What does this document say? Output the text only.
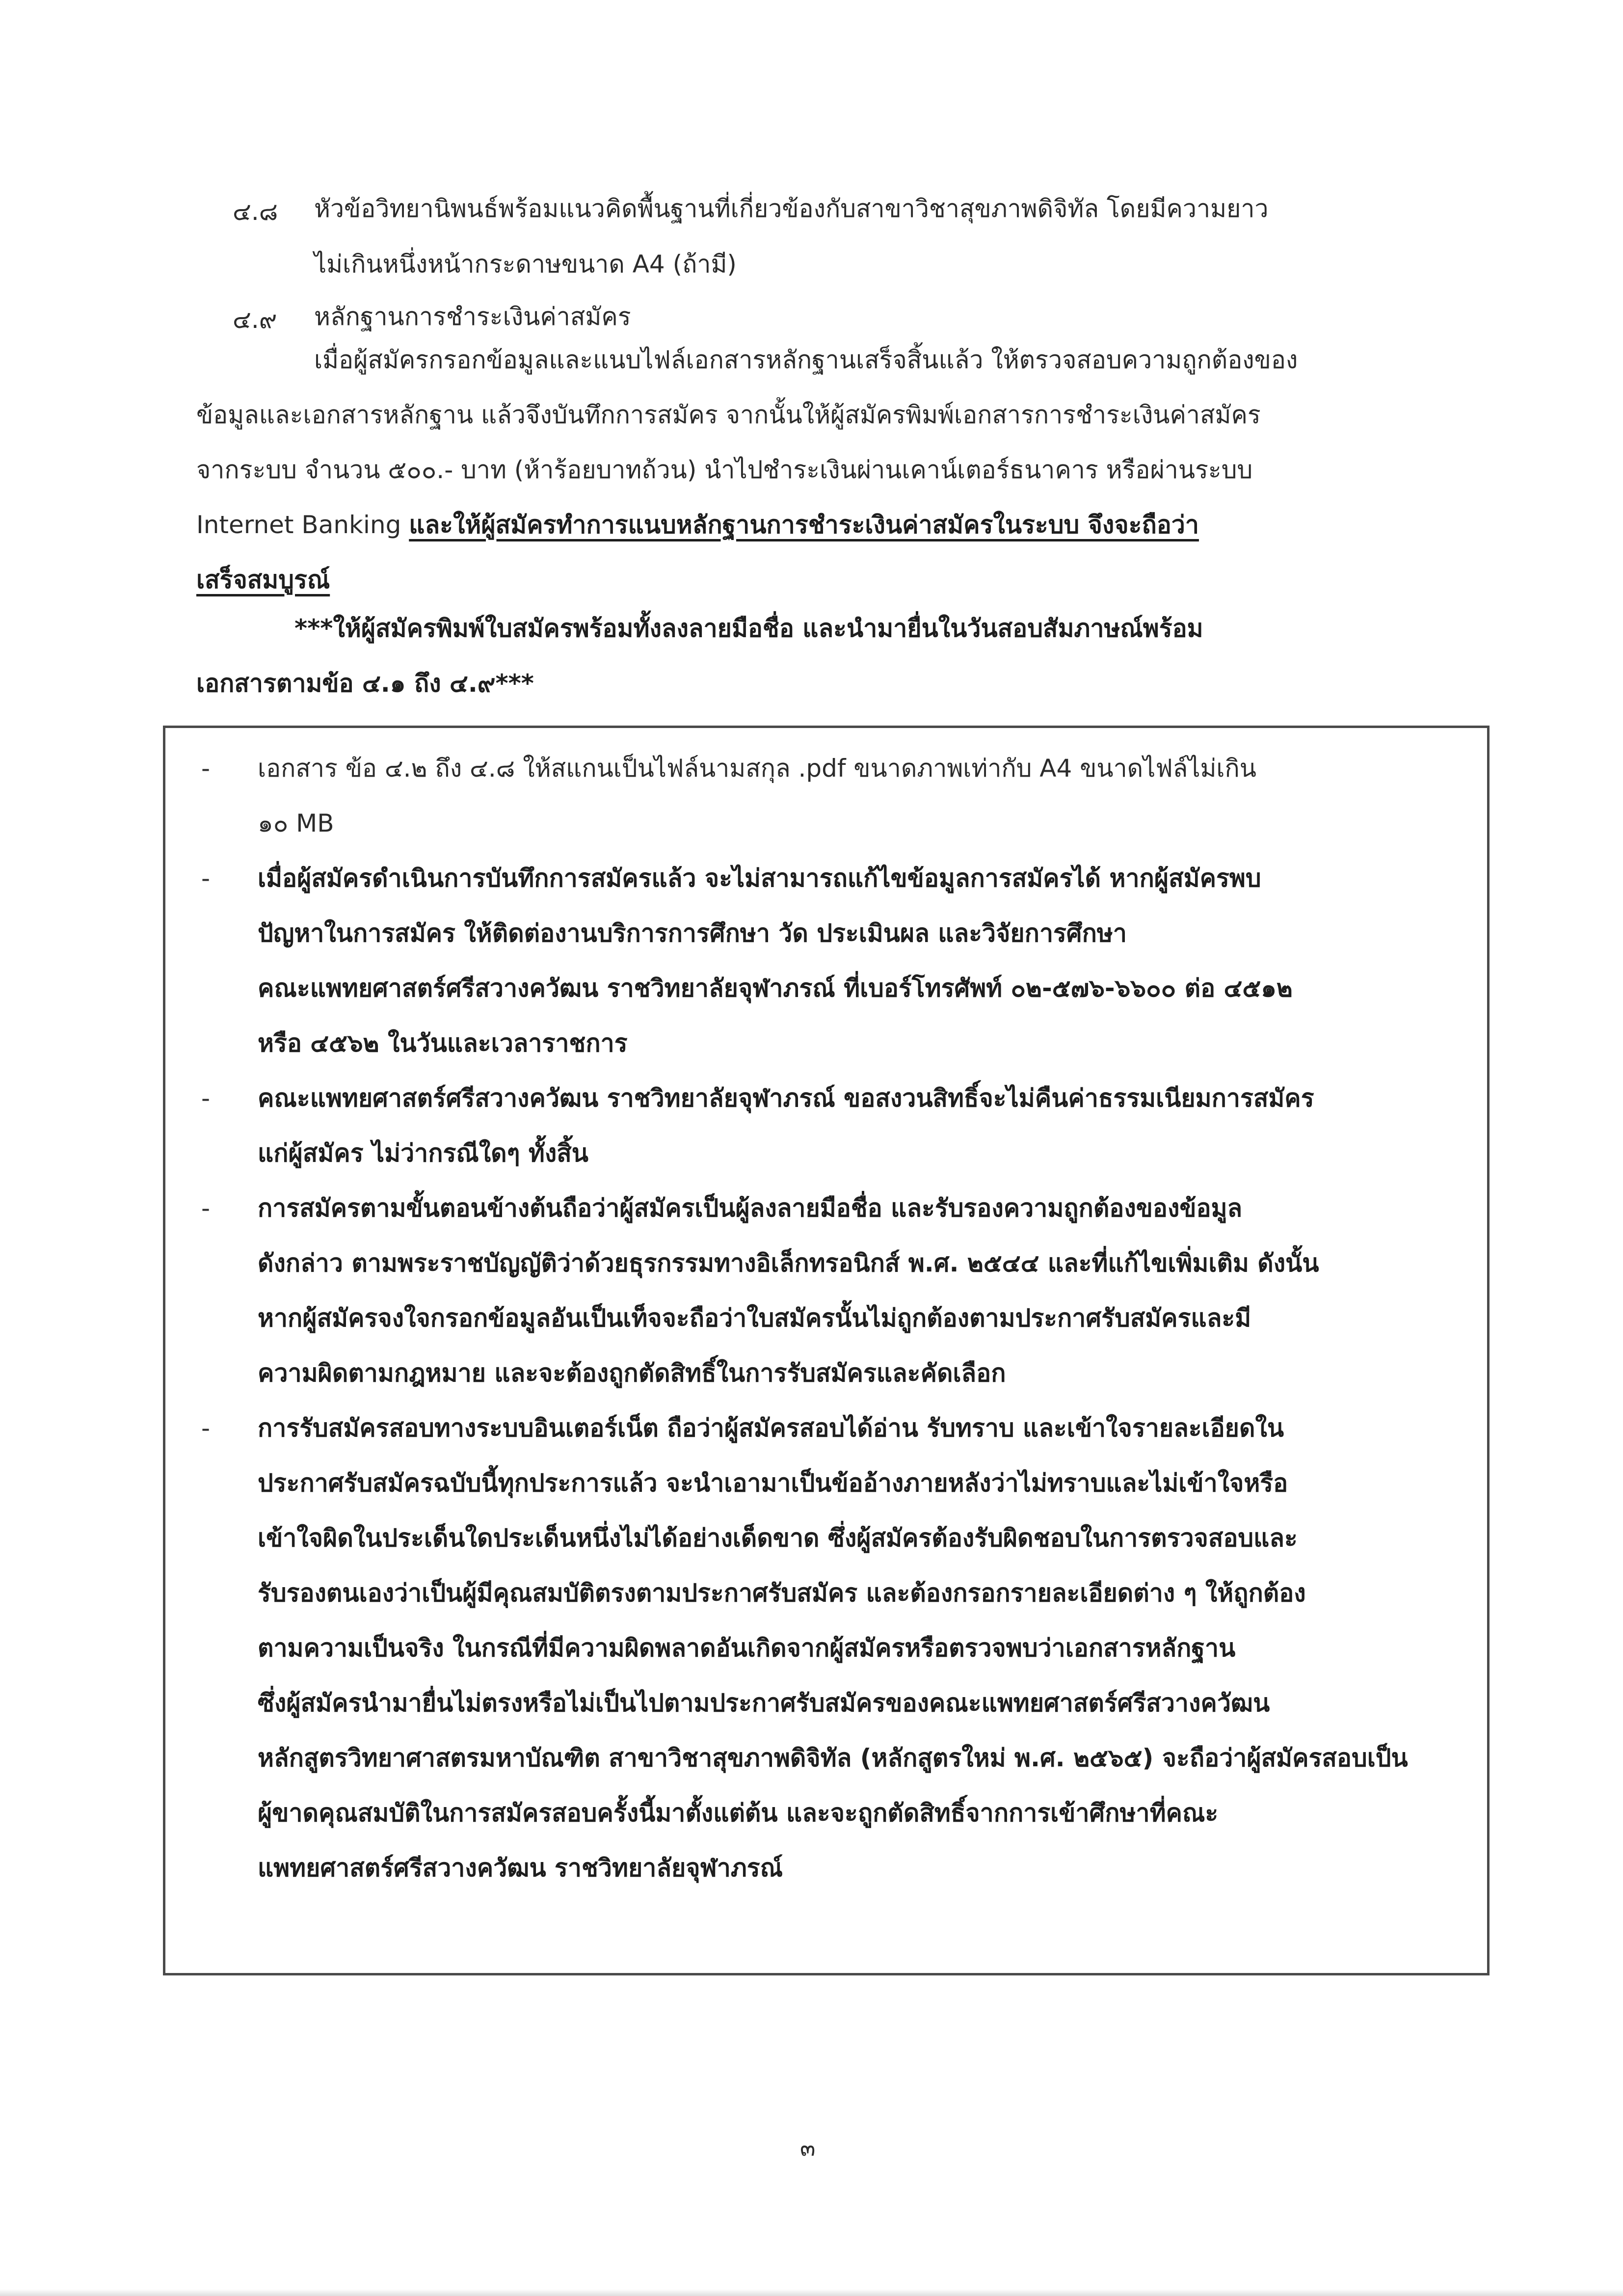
๔.๘ หัวข้อวิทยานิพนธ์พร้อมแนวคิดพื้นฐานที่เกี่ยวข้องกับสาขาวิชาสุขภาพดิจิทัล โดยมีความยาว
ไม่เกินหนึ่งหน้ากระดาษขนาด A4 (ถ้ามี)
๔.๙ หลักฐานการชำระเงินค่าสมัคร
เมื่อผู้สมัครกรอกข้อมูลและแนบไฟล์เอกสารหลักฐานเสร็จสิ้นแล้ว ให้ตรวจสอบความถูกต้องของ
ข้อมูลและเอกสารหลักฐาน แล้วจึงบันทึกการสมัคร จากนั้นให้ผู้สมัครพิมพ์เอกสารการชำระเงินค่าสมัคร
จากระบบ จำนวน ๕๐๐.- บาท (ห้าร้อยบาทถ้วน) นำไปชำระเงินผ่านเคาน์เตอร์ธนาคาร หรือผ่านระบบ
Internet Banking และให้ผู้สมัครทำการแนบหลักฐานการชำระเงินค่าสมัครในระบบ จึงจะถือว่า
เสร็จสมบูรณ์
***ให้ผู้สมัครพิมพ์ใบสมัครพร้อมทั้งลงลายมือชื่อ และนำมายื่นในวันสอบสัมภาษณ์พร้อม
เอกสารตามข้อ ๔.๑ ถึง ๔.๙***
- เอกสาร ข้อ ๔.๒ ถึง ๔.๘ ให้สแกนเป็นไฟล์นามสกุล .pdf ขนาดภาพเท่ากับ A4 ขนาดไฟล์ไม่เกิน
๑๐ MB
- เมื่อผู้สมัครดำเนินการบันทึกการสมัครแล้ว จะไม่สามารถแก้ไขข้อมูลการสมัครได้ หากผู้สมัครพบ
ปัญหาในการสมัคร ให้ติดต่องานบริการการศึกษา วัด ประเมินผล และวิจัยการศึกษา
คณะแพทยศาสตร์ศรีสวางควัฒน ราชวิทยาลัยจุฬาภรณ์ ที่เบอร์โทรศัพท์ ๐๒-๕๗๖-๖๖๐๐ ต่อ ๔๕๑๒
หรือ ๔๕๖๒ ในวันและเวลาราชการ
- คณะแพทยศาสตร์ศรีสวางควัฒน ราชวิทยาลัยจุฬาภรณ์ ขอสงวนสิทธิ์จะไม่คืนค่าธรรมเนียมการสมัคร
แก่ผู้สมัคร ไม่ว่ากรณีใดๆ ทั้งสิ้น
- การสมัครตามขั้นตอนข้างต้นถือว่าผู้สมัครเป็นผู้ลงลายมือชื่อ และรับรองความถูกต้องของข้อมูล
ดังกล่าว ตามพระราชบัญญัติว่าด้วยธุรกรรมทางอิเล็กทรอนิกส์ พ.ศ. ๒๕๔๔ และที่แก้ไขเพิ่มเติม ดังนั้น
หากผู้สมัครจงใจกรอกข้อมูลอันเป็นเท็จจะถือว่าใบสมัครนั้นไม่ถูกต้องตามประกาศรับสมัครและมี
ความผิดตามกฎหมาย และจะต้องถูกตัดสิทธิ์ในการรับสมัครและคัดเลือก
- การรับสมัครสอบทางระบบอินเตอร์เน็ต ถือว่าผู้สมัครสอบได้อ่าน รับทราบ และเข้าใจรายละเอียดใน
ประกาศรับสมัครฉบับนี้ทุกประการแล้ว จะนำเอามาเป็นข้ออ้างภายหลังว่าไม่ทราบและไม่เข้าใจหรือ
เข้าใจผิดในประเด็นใดประเด็นหนึ่งไม่ได้อย่างเด็ดขาด ซึ่งผู้สมัครต้องรับผิดชอบในการตรวจสอบและ
รับรองตนเองว่าเป็นผู้มีคุณสมบัติตรงตามประกาศรับสมัคร และต้องกรอกรายละเอียดต่าง ๆ ให้ถูกต้อง
ตามความเป็นจริง ในกรณีที่มีความผิดพลาดอันเกิดจากผู้สมัครหรือตรวจพบว่าเอกสารหลักฐาน
ซึ่งผู้สมัครนำมายื่นไม่ตรงหรือไม่เป็นไปตามประกาศรับสมัครของคณะแพทยศาสตร์ศรีสวางควัฒน
หลักสูตรวิทยาศาสตรมหาบัณฑิต สาขาวิชาสุขภาพดิจิทัล (หลักสูตรใหม่ พ.ศ. ๒๕๖๕) จะถือว่าผู้สมัครสอบเป็น
ผู้ขาดคุณสมบัติในการสมัครสอบครั้งนี้มาตั้งแต่ต้น และจะถูกตัดสิทธิ์จากการเข้าศึกษาที่คณะ
แพทยศาสตร์ศรีสวางควัฒน ราชวิทยาลัยจุฬาภรณ์
๓
